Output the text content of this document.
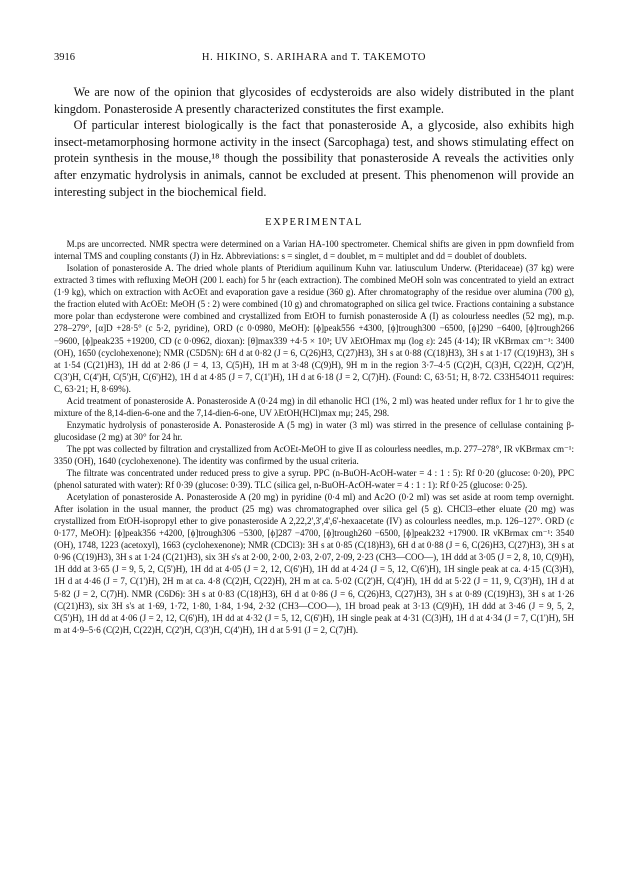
3916	H. HIKINO, S. ARIHARA and T. TAKEMOTO

We are now of the opinion that glycosides of ecdysteroids are also widely distributed in the plant kingdom. Ponasteroside A presently characterized constitutes the first example.

Of particular interest biologically is the fact that ponasteroside A, a glycoside, also exhibits high insect-metamorphosing hormone activity in the insect (Sarcophaga) test, and shows stimulating effect on protein synthesis in the mouse,¹⁸ though the possibility that ponasteroside A reveals the activities only after enzymatic hydrolysis in animals, cannot be excluded at present. This phenomenon will provide an interesting subject in the biochemical field.

EXPERIMENTAL

M.ps are uncorrected. NMR spectra were determined on a Varian HA-100 spectrometer. Chemical shifts are given in ppm downfield from internal TMS and coupling constants (J) in Hz. Abbreviations: s = singlet, d = doublet, m = multiplet and dd = doublet of doublets.

Isolation of ponasteroside A. The dried whole plants of Pteridium aquilinum Kuhn var. latiusculum Underw. (Pteridaceae) (37 kg) were extracted 3 times with refluxing MeOH (200 l. each) for 5 hr (each extraction). The combined MeOH soln was concentrated to yield an extract (1·9 kg), which on extraction with AcOEt and evaporation gave a residue (360 g). After chromatography of the residue over alumina (700 g), the fraction eluted with AcOEt: MeOH (5 : 2) were combined (10 g) and chromatographed on silica gel twice. Fractions containing a substance more polar than ecdysterone were combined and crystallized from EtOH to furnish ponasteroside A (I) as colourless needles (52 mg), m.p. 278–279°, [α]D +28·5° (c 5·2, pyridine), ORD (c 0·0980, MeOH): [ϕ]peak556 +4300, [ϕ]trough300 −6500, [ϕ]290 −6400, [ϕ]trough266 −9600, [ϕ]peak235 +19200, CD (c 0·0962, dioxan): [θ]max339 +4·5 × 10³; UV λEtOHmax mμ (log ε): 245 (4·14); IR νKBrmax cm⁻¹: 3400 (OH), 1650 (cyclohexenone); NMR (C5D5N): 6H d at 0·82 (J = 6, C(26)H3, C(27)H3), 3H s at 0·88 (C(18)H3), 3H s at 1·17 (C(19)H3), 3H s at 1·54 (C(21)H3), 1H dd at 2·86 (J = 4, 13, C(5)H), 1H m at 3·48 (C(9)H), 9H m in the region 3·7–4·5 (C(2)H, C(3)H, C(22)H, C(2')H, C(3')H, C(4')H, C(5')H, C(6')H2), 1H d at 4·85 (J = 7, C(1')H), 1H d at 6·18 (J = 2, C(7)H). (Found: C, 63·51; H, 8·72. C33H54O11 requires: C, 63·21; H, 8·69%).

Acid treatment of ponasteroside A. Ponasteroside A (0·24 mg) in dil ethanolic HCl (1%, 2 ml) was heated under reflux for 1 hr to give the mixture of the 8,14-dien-6-one and the 7,14-dien-6-one, UV λEtOH(HCl)max mμ; 245, 298.

Enzymatic hydrolysis of ponasteroside A. Ponasteroside A (5 mg) in water (3 ml) was stirred in the presence of cellulase containing β-glucosidase (2 mg) at 30° for 24 hr.

The ppt was collected by filtration and crystallized from AcOEt-MeOH to give II as colourless needles, m.p. 277–278°, IR νKBrmax cm⁻¹: 3350 (OH), 1640 (cyclohexenone). The identity was confirmed by the usual criteria.

The filtrate was concentrated under reduced press to give a syrup. PPC (n-BuOH-AcOH-water = 4 : 1 : 5): Rf 0·20 (glucose: 0·20), PPC (phenol saturated with water): Rf 0·39 (glucose: 0·39). TLC (silica gel, n-BuOH-AcOH-water = 4 : 1 : 1): Rf 0·25 (glucose: 0·25).

Acetylation of ponasteroside A. Ponasteroside A (20 mg) in pyridine (0·4 ml) and Ac2O (0·2 ml) was set aside at room temp overnight. After isolation in the usual manner, the product (25 mg) was chromatographed over silica gel (5 g). CHCl3–ether eluate (20 mg) was crystallized from EtOH-isopropyl ether to give ponasteroside A 2,22,2',3',4',6'-hexaacetate (IV) as colourless needles, m.p. 126–127°. ORD (c 0·177, MeOH): [ϕ]peak356 +4200, [ϕ]trough306 −5300, [ϕ]287 −4700, [ϕ]trough260 −6500, [ϕ]peak232 +17900. IR νKBrmax cm⁻¹: 3540 (OH), 1748, 1223 (acetoxyl), 1663 (cyclohexenone); NMR (CDCl3): 3H s at 0·85 (C(18)H3), 6H d at 0·88 (J = 6, C(26)H3, C(27)H3), 3H s at 0·96 (C(19)H3), 3H s at 1·24 (C(21)H3), six 3H s's at 2·00, 2·00, 2·03, 2·07, 2·09, 2·23 (CH3—COO—), 1H ddd at 3·05 (J = 2, 8, 10, C(9)H), 1H ddd at 3·65 (J = 9, 5, 2, C(5')H), 1H dd at 4·05 (J = 2, 12, C(6')H), 1H dd at 4·24 (J = 5, 12, C(6')H), 1H single peak at ca. 4·15 (C(3)H), 1H d at 4·46 (J = 7, C(1')H), 2H m at ca. 4·8 (C(2)H, C(22)H), 2H m at ca. 5·02 (C(2')H, C(4')H), 1H dd at 5·22 (J = 11, 9, C(3')H), 1H d at 5·82 (J = 2, C(7)H). NMR (C6D6): 3H s at 0·83 (C(18)H3), 6H d at 0·86 (J = 6, C(26)H3, C(27)H3), 3H s at 0·89 (C(19)H3), 3H s at 1·26 (C(21)H3), six 3H s's at 1·69, 1·72, 1·80, 1·84, 1·94, 2·32 (CH3—COO—), 1H broad peak at 3·13 (C(9)H), 1H ddd at 3·46 (J = 9, 5, 2, C(5')H), 1H dd at 4·06 (J = 2, 12, C(6')H), 1H dd at 4·32 (J = 5, 12, C(6')H), 1H single peak at 4·31 (C(3)H), 1H d at 4·34 (J = 7, C(1')H), 5H m at 4·9–5·6 (C(2)H, C(22)H, C(2')H, C(3')H, C(4')H), 1H d at 5·91 (J = 2, C(7)H).
